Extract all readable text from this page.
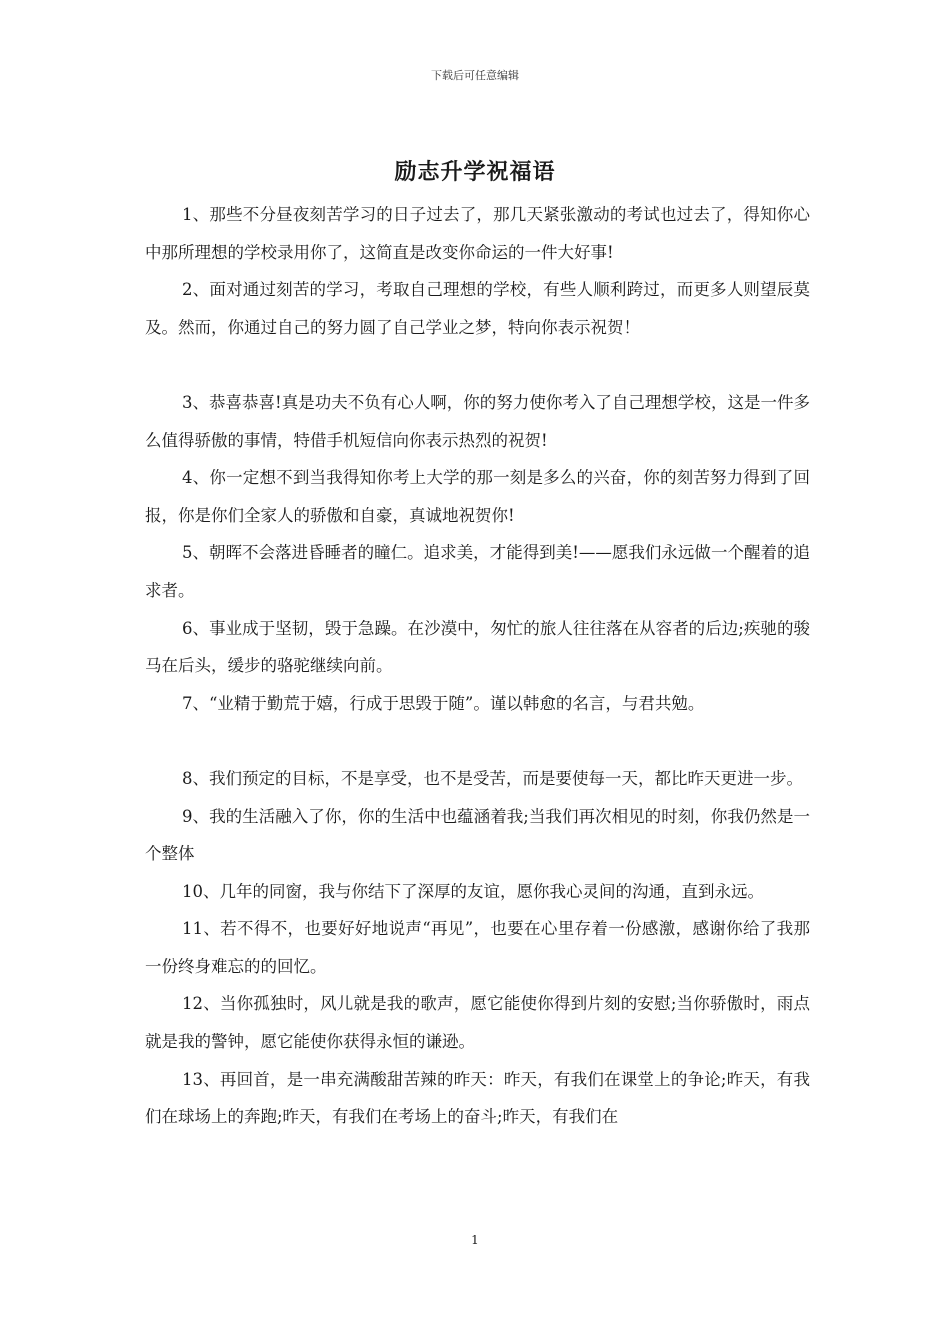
下载后可任意编辑
励志升学祝福语

1、那些不分昼夜刻苦学习的日子过去了，那几天紧张激动的考试也过去了，得知你心中那所理想的学校录用你了，这简直是改变你命运的一件大好事!

2、面对通过刻苦的学习，考取自己理想的学校，有些人顺利跨过，而更多人则望辰莫及。然而，你通过自己的努力圆了自己学业之梦，特向你表示祝贺！

3、恭喜恭喜!真是功夫不负有心人啊，你的努力使你考入了自己理想学校，这是一件多么值得骄傲的事情，特借手机短信向你表示热烈的祝贺!

4、你一定想不到当我得知你考上大学的那一刻是多么的兴奋，你的刻苦努力得到了回报，你是你们全家人的骄傲和自豪，真诚地祝贺你!

5、朝晖不会落进昏睡者的瞳仁。追求美，才能得到美!——愿我们永远做一个醒着的追求者。

6、事业成于坚韧，毁于急躁。在沙漠中，匆忙的旅人往往落在从容者的后边;疾驰的骏马在后头，缓步的骆驼继续向前。

7、“业精于勤荒于嬉，行成于思毁于随”。谨以韩愈的名言，与君共勉。

8、我们预定的目标，不是享受，也不是受苦，而是要使每一天，都比昨天更进一步。

9、我的生活融入了你，你的生活中也蕴涵着我;当我们再次相见的时刻，你我仍然是一个整体

10、几年的同窗，我与你结下了深厚的友谊，愿你我心灵间的沟通，直到永远。

11、若不得不，也要好好地说声“再见”，也要在心里存着一份感激，感谢你给了我那一份终身难忘的的回忆。

12、当你孤独时，风儿就是我的歌声，愿它能使你得到片刻的安慰;当你骄傲时，雨点就是我的警钟，愿它能使你获得永恒的谦逊。

13、再回首，是一串充满酸甜苦辣的昨天：昨天，有我们在课堂上的争论;昨天，有我们在球场上的奔跑;昨天，有我们在考场上的奋斗;昨天，有我们在

1
